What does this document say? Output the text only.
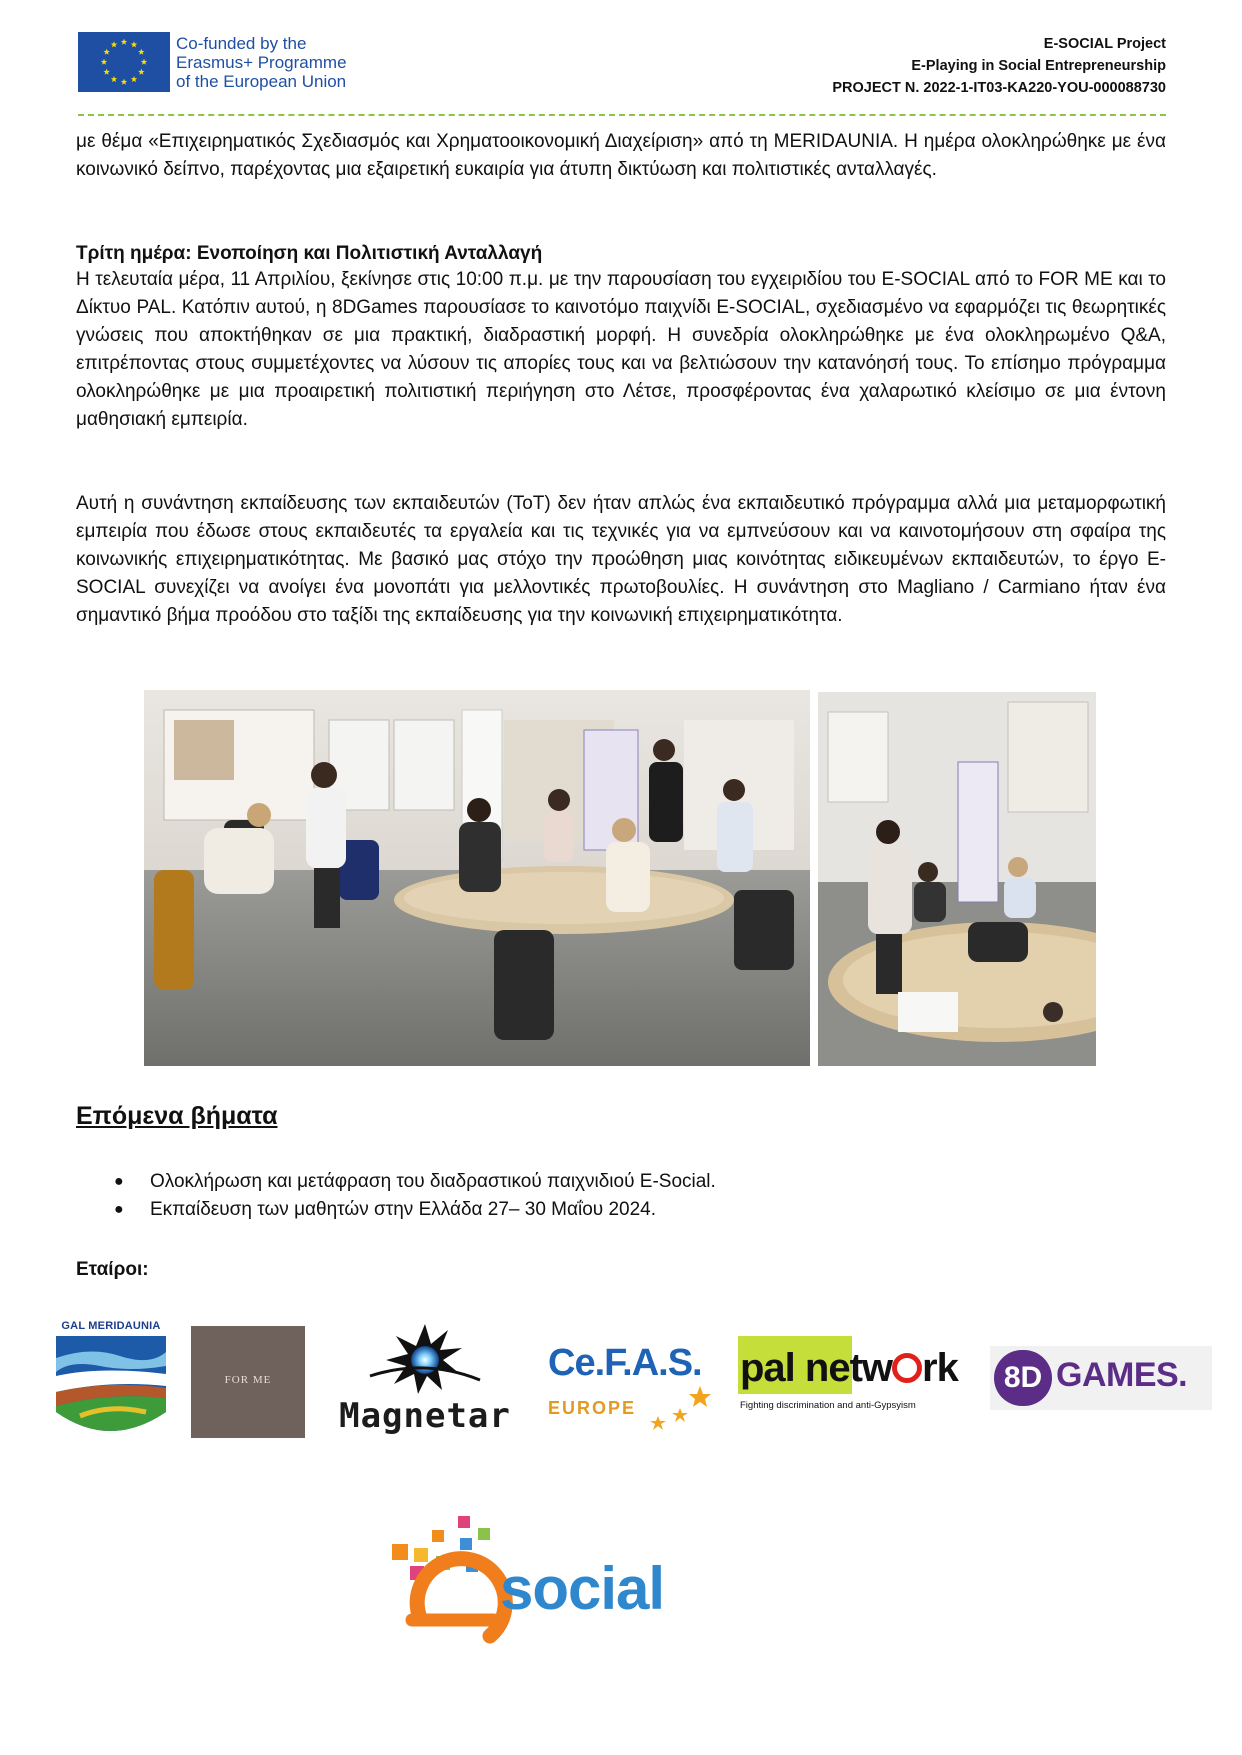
Co-funded by the
Erasmus+ Programme
of the European Union
E-SOCIAL Project
E-Playing in Social Entrepreneurship
PROJECT N. 2022-1-IT03-KA220-YOU-000088730

με θέμα «Επιχειρηματικός Σχεδιασμός και Χρηματοοικονομική Διαχείριση» από τη MERIDAUNIA. Η ημέρα ολοκληρώθηκε με ένα κοινωνικό δείπνο, παρέχοντας μια εξαιρετική ευκαιρία για άτυπη δικτύωση και πολιτιστικές ανταλλαγές.

Τρίτη ημέρα: Ενοποίηση και Πολιτιστική Ανταλλαγή

Η τελευταία μέρα, 11 Απριλίου, ξεκίνησε στις 10:00 π.μ. με την παρουσίαση του εγχειριδίου του E-SOCIAL από το FOR ME και το Δίκτυο PAL. Κατόπιν αυτού, η 8DGames παρουσίασε το καινοτόμο παιχνίδι E-SOCIAL, σχεδιασμένο να εφαρμόζει τις θεωρητικές γνώσεις που αποκτήθηκαν σε μια πρακτική, διαδραστική μορφή. Η συνεδρία ολοκληρώθηκε με ένα ολοκληρωμένο Q&A, επιτρέποντας στους συμμετέχοντες να λύσουν τις απορίες τους και να βελτιώσουν την κατανόησή τους. Το επίσημο πρόγραμμα ολοκληρώθηκε με μια προαιρετική πολιτιστική περιήγηση στο Λέτσε, προσφέροντας ένα χαλαρωτικό κλείσιμο σε μια έντονη μαθησιακή εμπειρία.

Αυτή η συνάντηση εκπαίδευσης των εκπαιδευτών (ToT) δεν ήταν απλώς ένα εκπαιδευτικό πρόγραμμα αλλά μια μεταμορφωτική εμπειρία που έδωσε στους εκπαιδευτές τα εργαλεία και τις τεχνικές για να εμπνεύσουν και να καινοτομήσουν στη σφαίρα της κοινωνικής επιχειρηματικότητας. Με βασικό μας στόχο την προώθηση μιας κοινότητας ειδικευμένων εκπαιδευτών, το έργο E-SOCIAL συνεχίζει να ανοίγει ένα μονοπάτι για μελλοντικές πρωτοβουλίες. Η συνάντηση στο Magliano / Carmiano ήταν ένα σημαντικό βήμα προόδου στο ταξίδι της εκπαίδευσης για την κοινωνική επιχειρηματικότητα.

Επόμενα βήματα
● Ολοκλήρωση και μετάφραση του διαδραστικού παιχνιδιού E-Social.
● Εκπαίδευση των μαθητών στην Ελλάδα 27– 30 Μαΐου 2024.
Εταίροι:
GAL MERIDAUNIA
FOR ME
Magnetar
Ce.F.A.S.
EUROPE
pal netw rk
Fighting discrimination and anti-Gypsyism
8D GAMES.
social
